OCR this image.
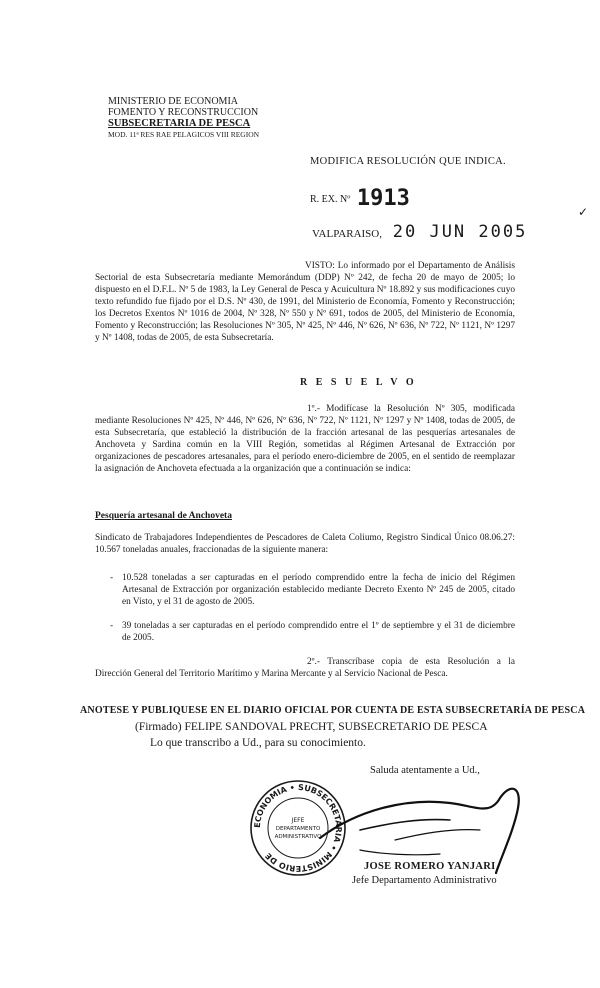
MINISTERIO DE ECONOMIA
FOMENTO Y RECONSTRUCCION
SUBSECRETARIA DE PESCA
MOD. 11ª RES RAE PELAGICOS VIII REGION
MODIFICA RESOLUCIÓN QUE INDICA.
R. EX. Nº 1913
VALPARAISO, 20 JUN 2005
✓
VISTO: Lo informado por el Departamento de Análisis Sectorial de esta Subsecretaría mediante Memorándum (DDP) Nº 242, de fecha 20 de mayo de 2005; lo dispuesto en el D.F.L. Nº 5 de 1983, la Ley General de Pesca y Acuicultura Nº 18.892 y sus modificaciones cuyo texto refundido fue fijado por el D.S. Nº 430, de 1991, del Ministerio de Economía, Fomento y Reconstrucción; los Decretos Exentos Nº 1016 de 2004, Nº 328, Nº 550 y Nº 691, todos de 2005, del Ministerio de Economía, Fomento y Reconstrucción; las Resoluciones Nº 305, Nº 425, Nº 446, Nº 626, Nº 636, Nº 722, Nº 1121, Nº 1297 y Nº 1408, todas de 2005, de esta Subsecretaría.
R E S U E L V O
1º.- Modifícase la Resolución Nº 305, modificada mediante Resoluciones Nº 425, Nº 446, Nº 626, Nº 636, Nº 722, Nº 1121, Nº 1297 y Nº 1408, todas de 2005, de esta Subsecretaría, que estableció la distribución de la fracción artesanal de las pesquerías artesanales de Anchoveta y Sardina común en la VIII Región, sometidas al Régimen Artesanal de Extracción por organizaciones de pescadores artesanales, para el período enero-diciembre de 2005, en el sentido de reemplazar la asignación de Anchoveta efectuada a la organización que a continuación se indica:
Pesquería artesanal de Anchoveta
Sindicato de Trabajadores Independientes de Pescadores de Caleta Coliumo, Registro Sindical Único 08.06.27: 10.567 toneladas anuales, fraccionadas de la siguiente manera:
- 10.528 toneladas a ser capturadas en el período comprendido entre la fecha de inicio del Régimen Artesanal de Extracción por organización establecido mediante Decreto Exento Nº 245 de 2005, citado en Visto, y el 31 de agosto de 2005.
- 39 toneladas a ser capturadas en el período comprendido entre el 1º de septiembre y el 31 de diciembre de 2005.
2º.- Transcríbase copia de esta Resolución a la Dirección General del Territorio Marítimo y Marina Mercante y al Servicio Nacional de Pesca.
ANOTESE Y PUBLIQUESE EN EL DIARIO OFICIAL POR CUENTA DE ESTA SUBSECRETARÍA DE PESCA
(Firmado) FELIPE SANDOVAL PRECHT, SUBSECRETARIO DE PESCA
Lo que transcribo a Ud., para su conocimiento.
Saluda atentamente a Ud.,
ECONOMIA • SUBSECRETARIA • MINISTERIO DE
JEFE
DEPARTAMENTO
ADMINISTRATIVO
JOSE ROMERO YANJARI
Jefe Departamento Administrativo
